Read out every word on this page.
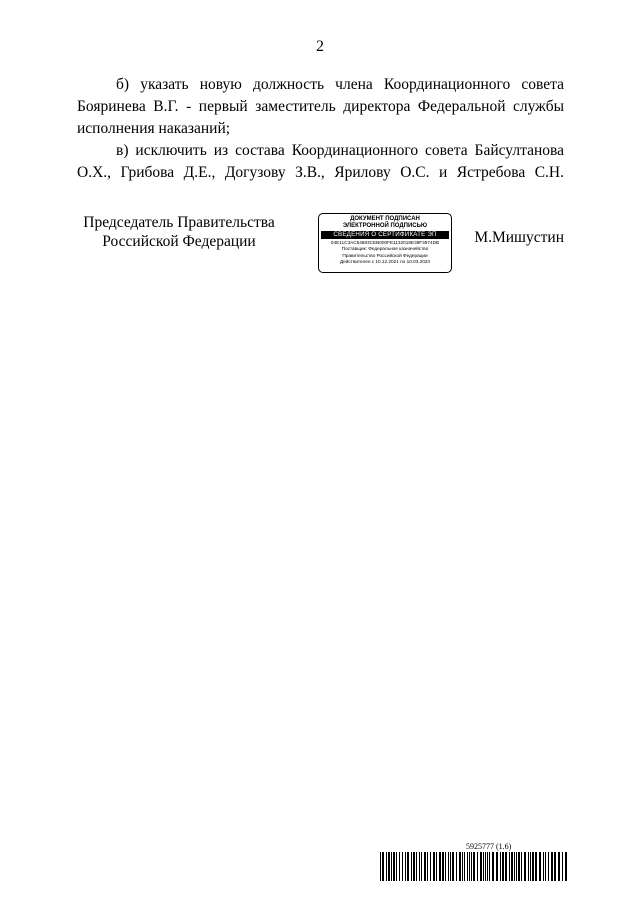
2

б) указать новую должность члена Координационного совета Бояринева В.Г. - первый заместитель директора Федеральной службы исполнения наказаний;

в) исключить из состава Координационного совета Байсултанова О.Х., Грибова Д.Е., Догузову З.В., Ярилову О.С. и Ястребова С.Н.

Председатель Правительства
Российской Федерации
ДОКУМЕНТ ПОДПИСАН
ЭЛЕКТРОННОЙ ПОДПИСЬЮ
СВЕДЕНИЯ О СЕРТИФИКАТЕ ЭП
04E11C3AC54683CEB000FE1132018E39F3974DB
Поставщик: Федеральное казначейство
Правительство Российской Федерации
Действителен с 10.12.2021 по 10.03.2023
М.Мишустин
5925777 (1.6)
